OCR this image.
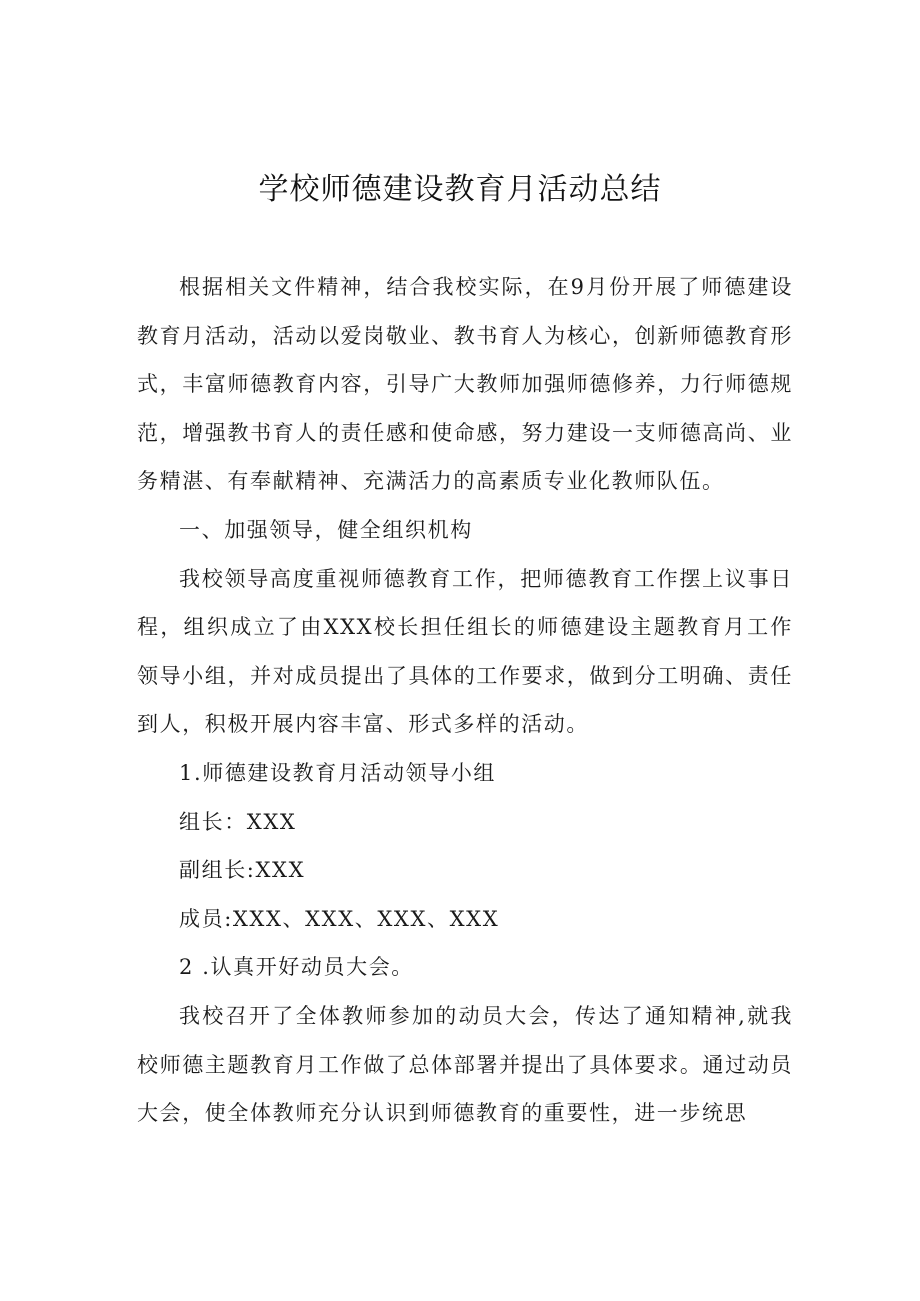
学校师德建设教育月活动总结

根据相关文件精神，结合我校实际，在9月份开展了师德建设教育月活动，活动以爱岗敬业、教书育人为核心，创新师德教育形式，丰富师德教育内容，引导广大教师加强师德修养，力行师德规范，增强教书育人的责任感和使命感，努力建设一支师德高尚、业务精湛、有奉献精神、充满活力的高素质专业化教师队伍。

一、加强领导，健全组织机构

我校领导高度重视师德教育工作，把师德教育工作摆上议事日程，组织成立了由XXX校长担任组长的师德建设主题教育月工作领导小组，并对成员提出了具体的工作要求，做到分工明确、责任到人，积极开展内容丰富、形式多样的活动。

1.师德建设教育月活动领导小组

组长：XXX

副组长:XXX

成员:XXX、XXX、XXX、XXX

2 .认真开好动员大会。

我校召开了全体教师参加的动员大会，传达了通知精神,就我校师德主题教育月工作做了总体部署并提出了具体要求。通过动员大会，使全体教师充分认识到师德教育的重要性，进一步统思
